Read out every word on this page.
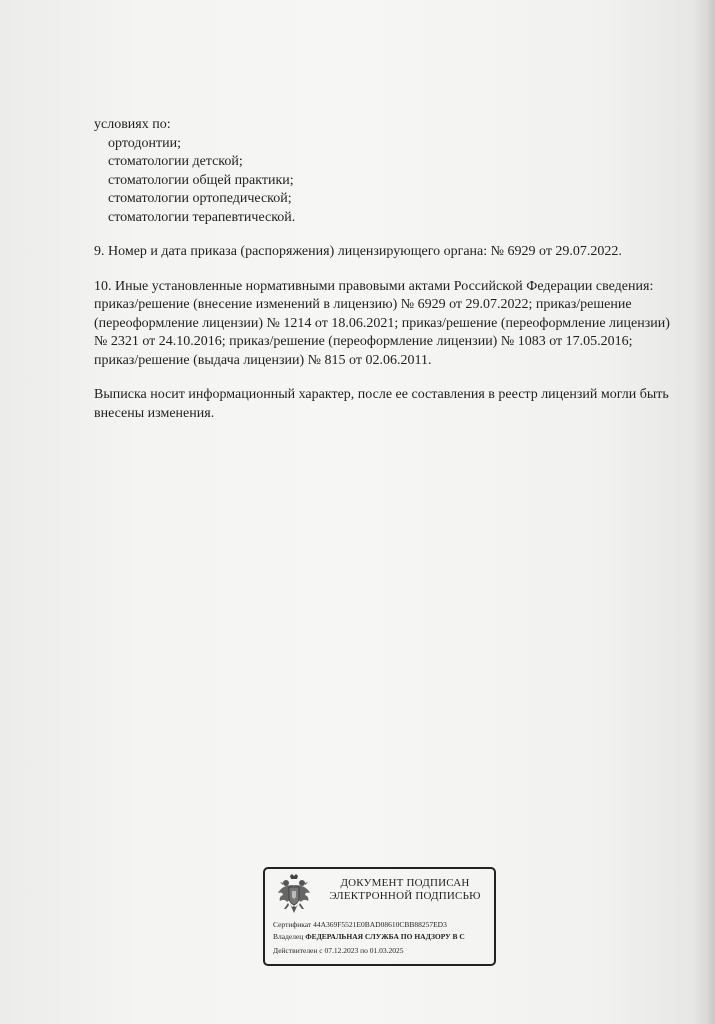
условиях по:
ортодонтии;
стоматологии детской;
стоматологии общей практики;
стоматологии ортопедической;
стоматологии терапевтической.
9. Номер и дата приказа (распоряжения) лицензирующего органа: № 6929 от 29.07.2022.
10. Иные установленные нормативными правовыми актами Российской Федерации сведения:
приказ/решение (внесение изменений в лицензию) № 6929 от 29.07.2022; приказ/решение
(переоформление лицензии) № 1214 от 18.06.2021; приказ/решение (переоформление лицензии)
№ 2321 от 24.10.2016; приказ/решение (переоформление лицензии) № 1083 от 17.05.2016;
приказ/решение (выдача лицензии) № 815 от 02.06.2011.
Выписка носит информационный характер, после ее составления в реестр лицензий могли быть
внесены изменения.
ДОКУМЕНТ ПОДПИСАН
ЭЛЕКТРОННОЙ ПОДПИСЬЮ
Сертификат 44A369F5521E0BAD08610CBB88257ED3
Владелец ФЕДЕРАЛЬНАЯ СЛУЖБА ПО НАДЗОРУ В С
Действителен с 07.12.2023 по 01.03.2025
